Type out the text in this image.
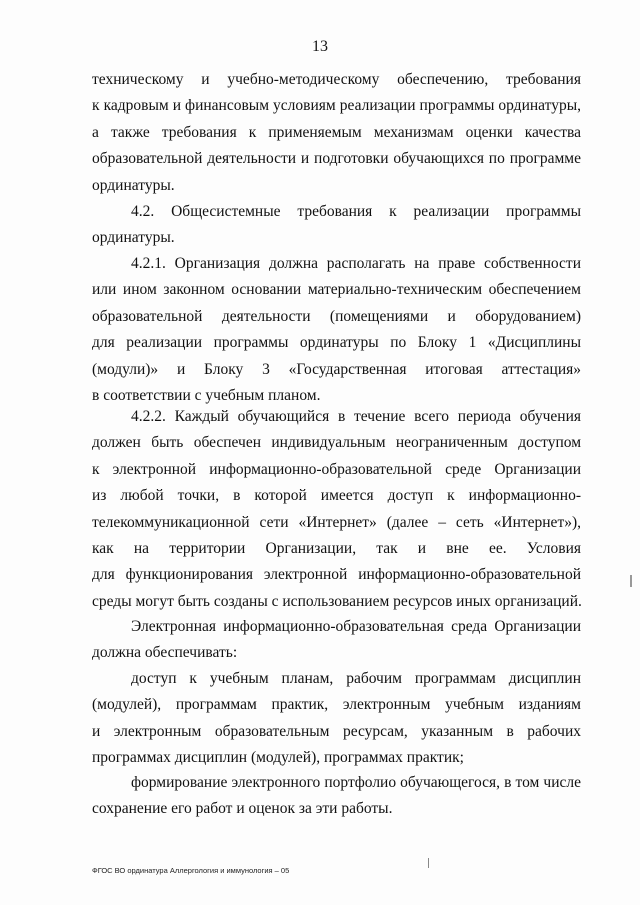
13
техническому и учебно-методическому обеспечению, требования
к кадровым и финансовым условиям реализации программы ординатуры,
а также требования к применяемым механизмам оценки качества
образовательной деятельности и подготовки обучающихся по программе
ординатуры.
4.2. Общесистемные требования к реализации программы
ординатуры.
4.2.1. Организация должна располагать на праве собственности
или ином законном основании материально-техническим обеспечением
образовательной деятельности (помещениями и оборудованием)
для реализации программы ординатуры по Блоку 1 «Дисциплины
(модули)» и Блоку 3 «Государственная итоговая аттестация»
в соответствии с учебным планом.
4.2.2. Каждый обучающийся в течение всего периода обучения
должен быть обеспечен индивидуальным неограниченным доступом
к электронной информационно-образовательной среде Организации
из любой точки, в которой имеется доступ к информационно-
телекоммуникационной сети «Интернет» (далее – сеть «Интернет»),
как на территории Организации, так и вне ее. Условия
для функционирования электронной информационно-образовательной
среды могут быть созданы с использованием ресурсов иных организаций.
Электронная информационно-образовательная среда Организации
должна обеспечивать:
доступ к учебным планам, рабочим программам дисциплин
(модулей), программам практик, электронным учебным изданиям
и электронным образовательным ресурсам, указанным в рабочих
программах дисциплин (модулей), программах практик;
формирование электронного портфолио обучающегося, в том числе
сохранение его работ и оценок за эти работы.
ФГОС ВО ординатура Аллергология и иммунология – 05
